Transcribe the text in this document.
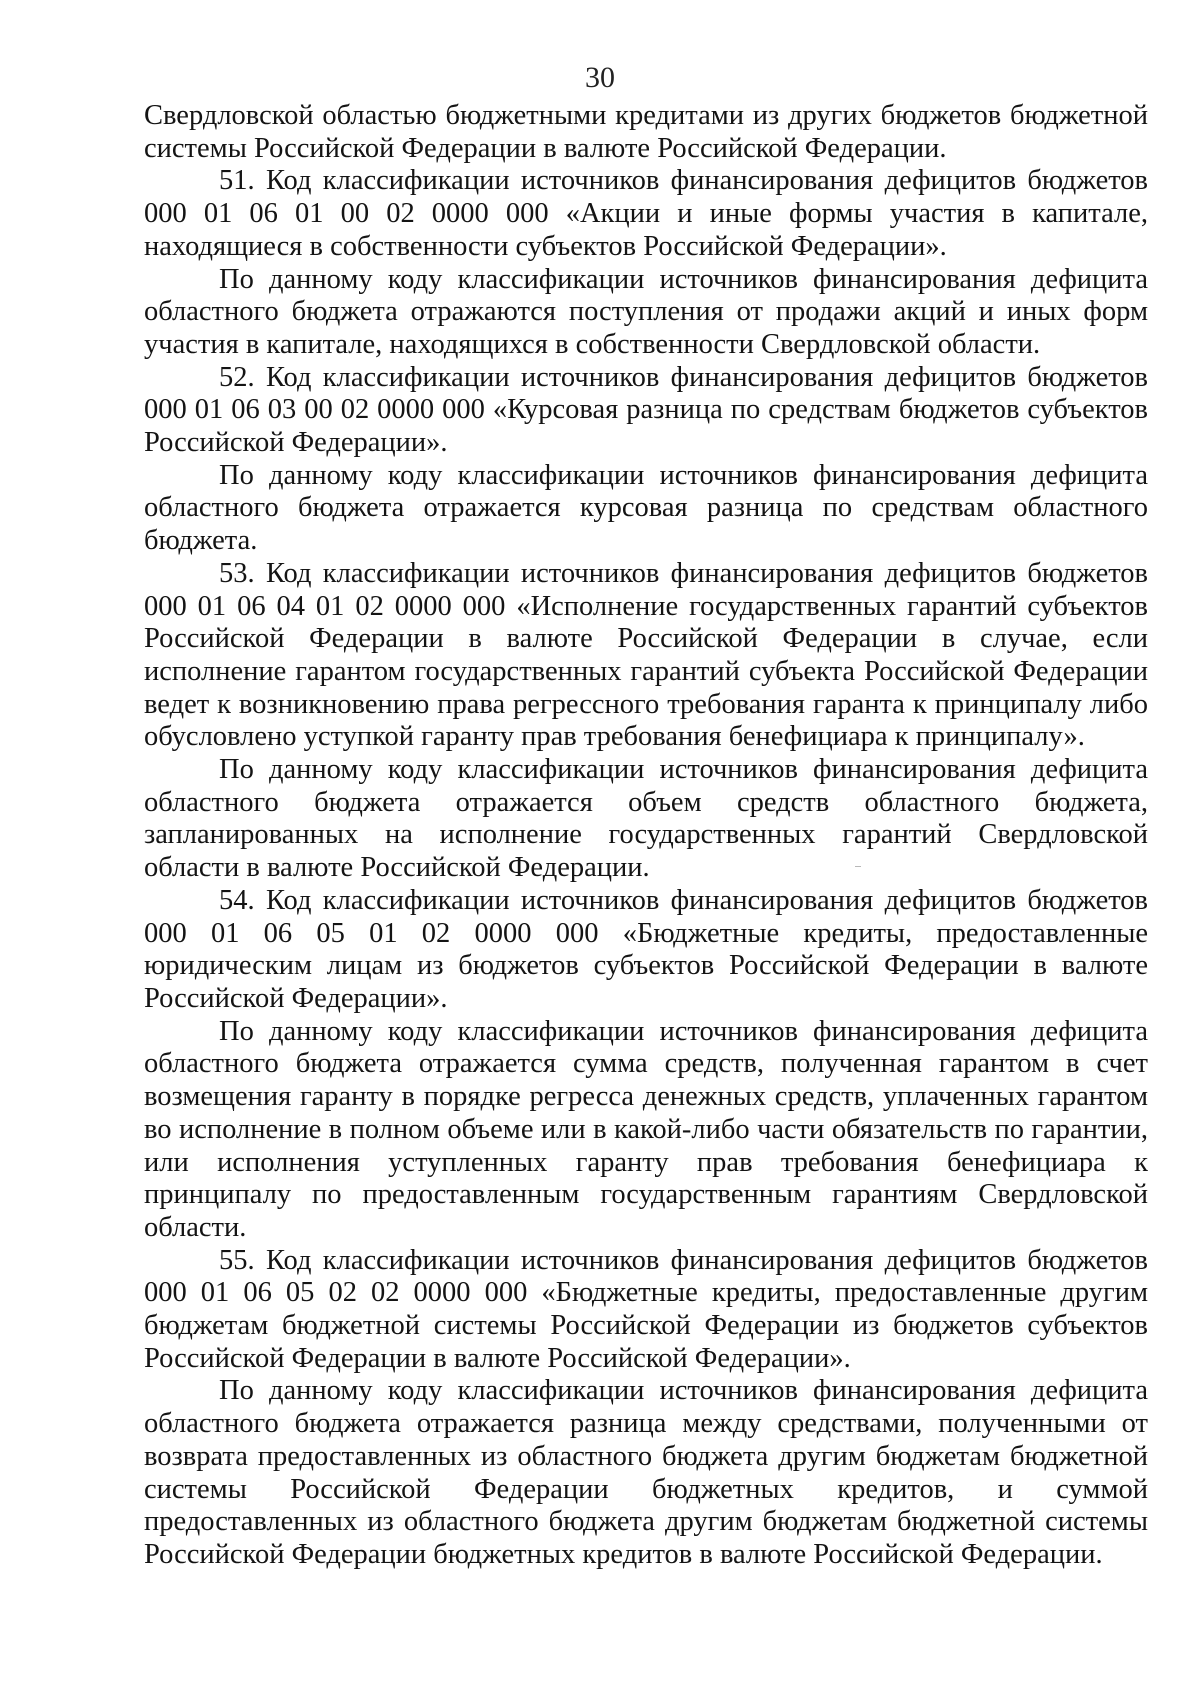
30

Свердловской областью бюджетными кредитами из других бюджетов бюджетной системы Российской Федерации в валюте Российской Федерации.

51. Код классификации источников финансирования дефицитов бюджетов 000 01 06 01 00 02 0000 000 «Акции и иные формы участия в капитале, находящиеся в собственности субъектов Российской Федерации».

По данному коду классификации источников финансирования дефицита областного бюджета отражаются поступления от продажи акций и иных форм участия в капитале, находящихся в собственности Свердловской области.

52. Код классификации источников финансирования дефицитов бюджетов 000 01 06 03 00 02 0000 000 «Курсовая разница по средствам бюджетов субъектов Российской Федерации».

По данному коду классификации источников финансирования дефицита областного бюджета отражается курсовая разница по средствам областного бюджета.

53. Код классификации источников финансирования дефицитов бюджетов 000 01 06 04 01 02 0000 000 «Исполнение государственных гарантий субъектов Российской Федерации в валюте Российской Федерации в случае, если исполнение гарантом государственных гарантий субъекта Российской Федерации ведет к возникновению права регрессного требования гаранта к принципалу либо обусловлено уступкой гаранту прав требования бенефициара к принципалу».

По данному коду классификации источников финансирования дефицита областного бюджета отражается объем средств областного бюджета, запланированных на исполнение государственных гарантий Свердловской области в валюте Российской Федерации.

54. Код классификации источников финансирования дефицитов бюджетов 000 01 06 05 01 02 0000 000 «Бюджетные кредиты, предоставленные юридическим лицам из бюджетов субъектов Российской Федерации в валюте Российской Федерации».

По данному коду классификации источников финансирования дефицита областного бюджета отражается сумма средств, полученная гарантом в счет возмещения гаранту в порядке регресса денежных средств, уплаченных гарантом во исполнение в полном объеме или в какой-либо части обязательств по гарантии, или исполнения уступленных гаранту прав требования бенефициара к принципалу по предоставленным государственным гарантиям Свердловской области.

55. Код классификации источников финансирования дефицитов бюджетов 000 01 06 05 02 02 0000 000 «Бюджетные кредиты, предоставленные другим бюджетам бюджетной системы Российской Федерации из бюджетов субъектов Российской Федерации в валюте Российской Федерации».

По данному коду классификации источников финансирования дефицита областного бюджета отражается разница между средствами, полученными от возврата предоставленных из областного бюджета другим бюджетам бюджетной системы Российской Федерации бюджетных кредитов, и суммой предоставленных из областного бюджета другим бюджетам бюджетной системы Российской Федерации бюджетных кредитов в валюте Российской Федерации.
